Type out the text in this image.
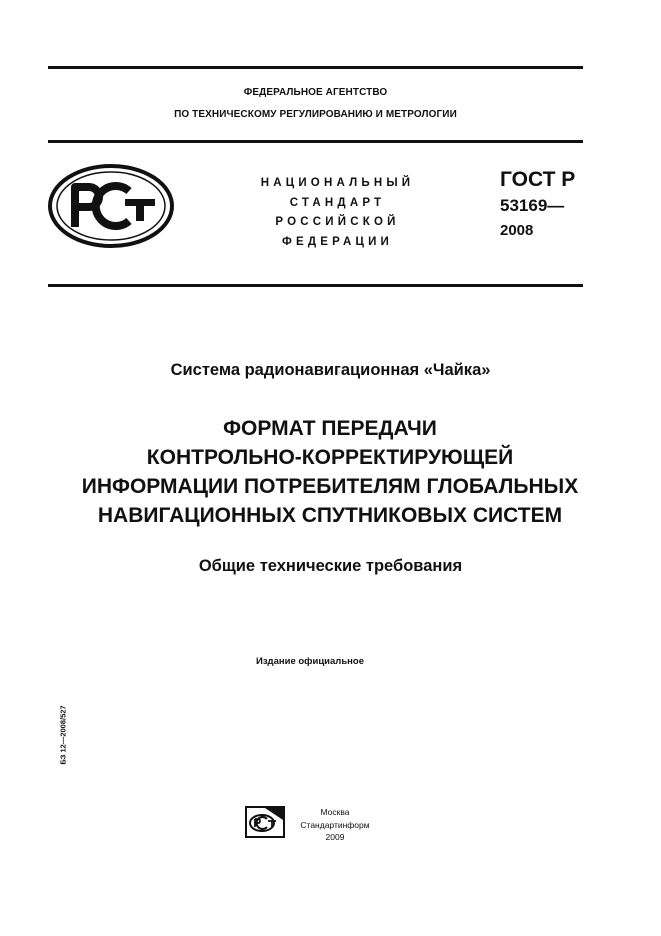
ФЕДЕРАЛЬНОЕ АГЕНТСТВО
ПО ТЕХНИЧЕСКОМУ РЕГУЛИРОВАНИЮ И МЕТРОЛОГИИ
НАЦИОНАЛЬНЫЙ
СТАНДАРТ
РОССИЙСКОЙ
ФЕДЕРАЦИИ
ГОСТ Р
53169—
2008
Система радионавигационная «Чайка»
ФОРМАТ ПЕРЕДАЧИ
КОНТРОЛЬНО-КОРРЕКТИРУЮЩЕЙ
ИНФОРМАЦИИ ПОТРЕБИТЕЛЯМ ГЛОБАЛЬНЫХ
НАВИГАЦИОННЫХ СПУТНИКОВЫХ СИСТЕМ
Общие технические требования
Издание официальное
БЗ 12—2008/527
Москва
Стандартинформ
2009
